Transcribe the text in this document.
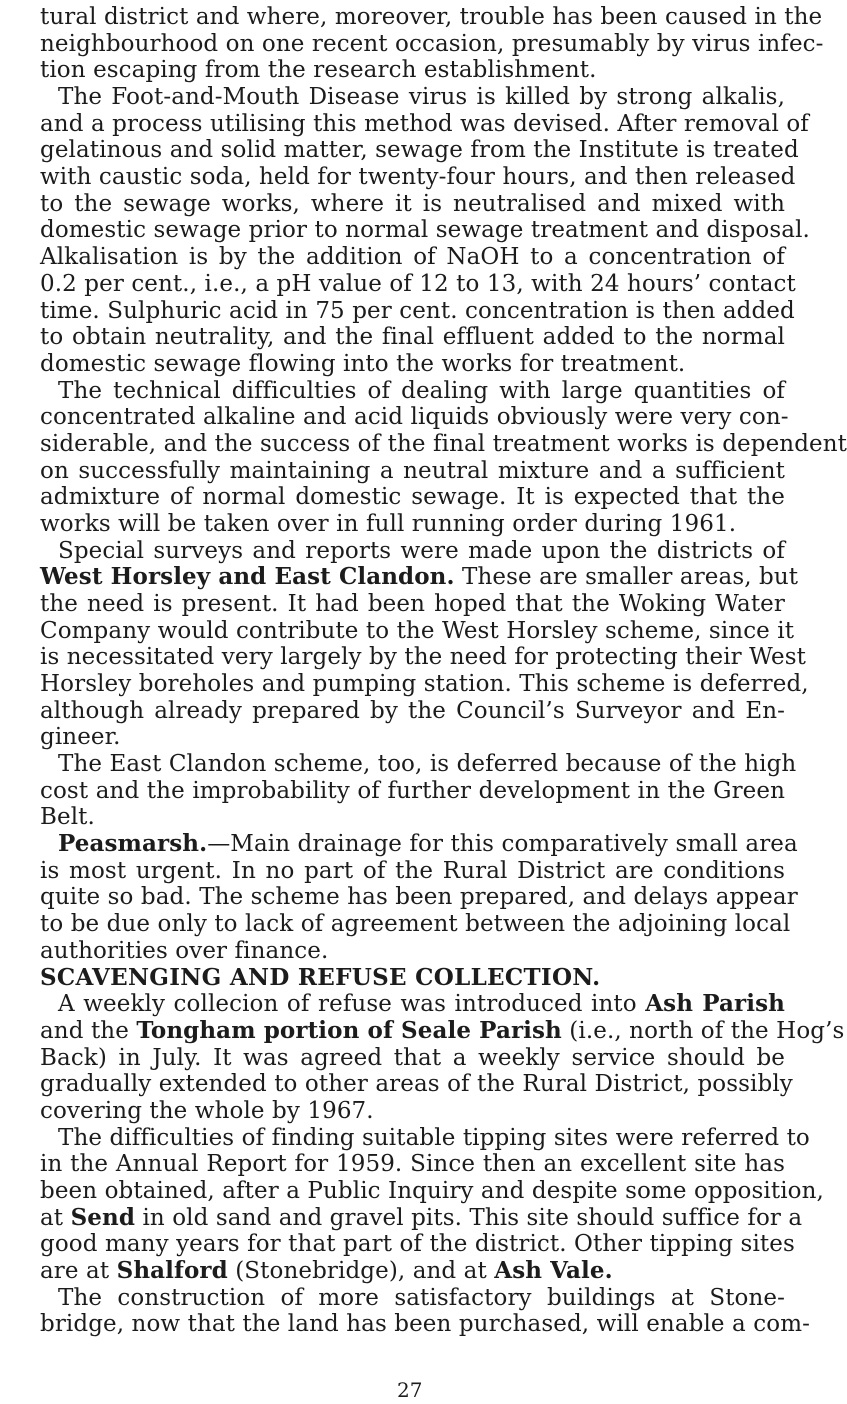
tural district and where, moreover, trouble has been caused in the
neighbourhood on one recent occasion, presumably by virus infec-
tion escaping from the research establishment.
The Foot-and-Mouth Disease virus is killed by strong alkalis,
and a process utilising this method was devised. After removal of
gelatinous and solid matter, sewage from the Institute is treated
with caustic soda, held for twenty-four hours, and then released
to the sewage works, where it is neutralised and mixed with
domestic sewage prior to normal sewage treatment and disposal.
Alkalisation is by the addition of NaOH to a concentration of
0.2 per cent., i.e., a pH value of 12 to 13, with 24 hours’ contact
time. Sulphuric acid in 75 per cent. concentration is then added
to obtain neutrality, and the final effluent added to the normal
domestic sewage flowing into the works for treatment.
The technical difficulties of dealing with large quantities of
concentrated alkaline and acid liquids obviously were very con-
siderable, and the success of the final treatment works is dependent
on successfully maintaining a neutral mixture and a sufficient
admixture of normal domestic sewage. It is expected that the
works will be taken over in full running order during 1961.
Special surveys and reports were made upon the districts of
West Horsley and East Clandon. These are smaller areas, but
the need is present. It had been hoped that the Woking Water
Company would contribute to the West Horsley scheme, since it
is necessitated very largely by the need for protecting their West
Horsley boreholes and pumping station. This scheme is deferred,
although already prepared by the Council’s Surveyor and En-
gineer.
The East Clandon scheme, too, is deferred because of the high
cost and the improbability of further development in the Green
Belt.
Peasmarsh.—Main drainage for this comparatively small area
is most urgent. In no part of the Rural District are conditions
quite so bad. The scheme has been prepared, and delays appear
to be due only to lack of agreement between the adjoining local
authorities over finance.
A weekly collecion of refuse was introduced into Ash Parish
and the Tongham portion of Seale Parish (i.e., north of the Hog’s
Back) in July. It was agreed that a weekly service should be
gradually extended to other areas of the Rural District, possibly
covering the whole by 1967.
The difficulties of finding suitable tipping sites were referred to
in the Annual Report for 1959. Since then an excellent site has
been obtained, after a Public Inquiry and despite some opposition,
at Send in old sand and gravel pits. This site should suffice for a
good many years for that part of the district. Other tipping sites
are at Shalford (Stonebridge), and at Ash Vale.
The construction of more satisfactory buildings at Stone-
bridge, now that the land has been purchased, will enable a com-
SCAVENGING AND REFUSE COLLECTION.
27
